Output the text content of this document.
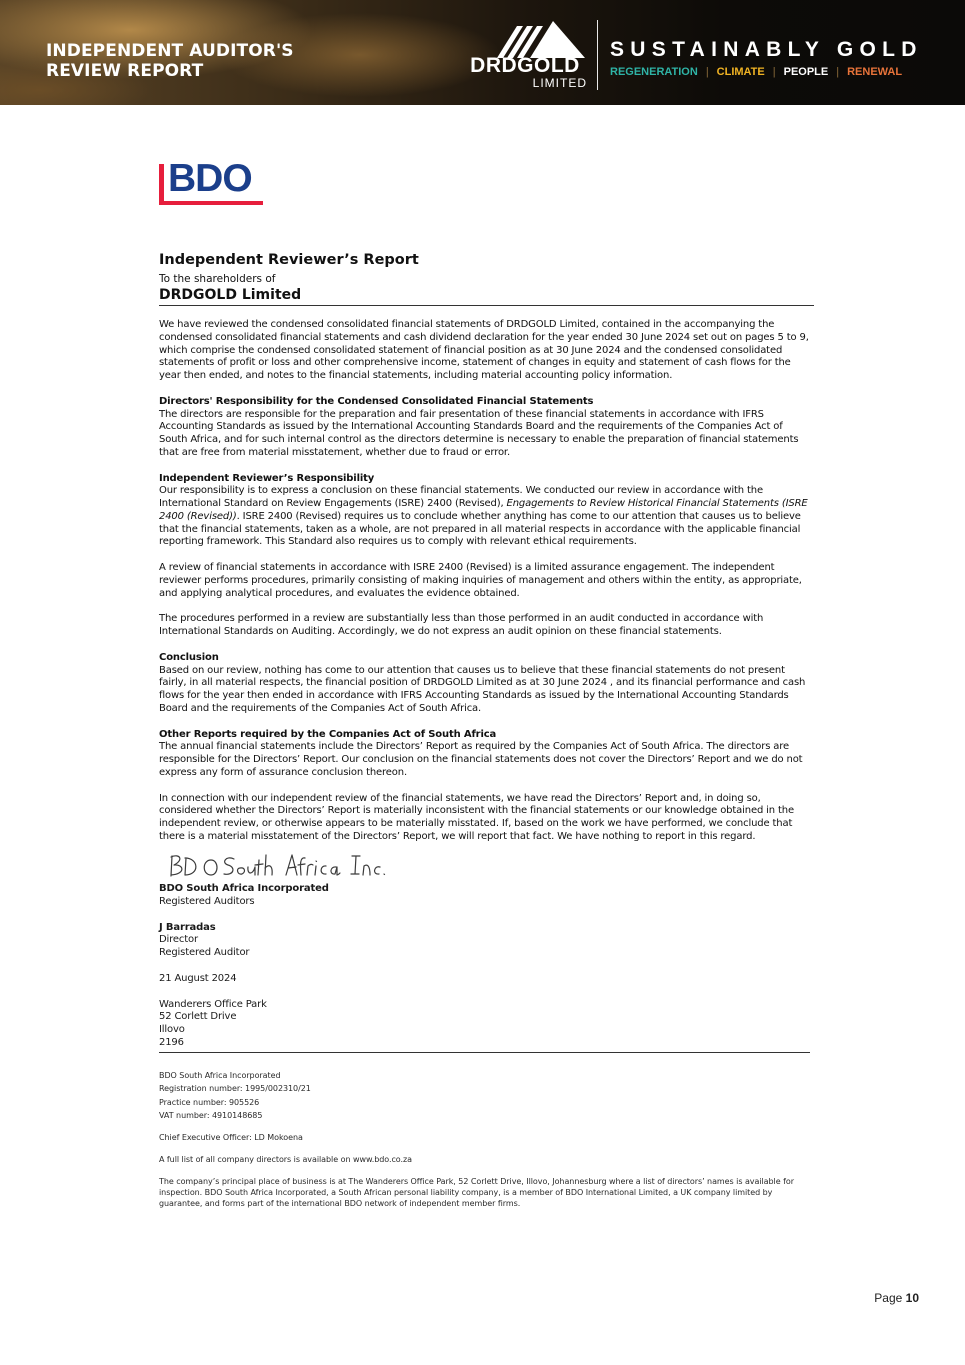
INDEPENDENT AUDITOR'S
REVIEW REPORT	DRDGOLD
LIMITED
SUSTAINABLY GOLD
REGENERATION | CLIMATE | PEOPLE | RENEWAL
BDO
Independent Reviewer’s Report
To the shareholders of
DRDGOLD Limited

We have reviewed the condensed consolidated financial statements of DRDGOLD Limited, contained in the accompanying the condensed consolidated financial statements and cash dividend declaration for the year ended 30 June 2024 set out on pages 5 to 9, which comprise the condensed consolidated statement of financial position as at 30 June 2024 and the condensed consolidated statements of profit or loss and other comprehensive income, statement of changes in equity and statement of cash flows for the year then ended, and notes to the financial statements, including material accounting policy information.

Directors' Responsibility for the Condensed Consolidated Financial Statements

The directors are responsible for the preparation and fair presentation of these financial statements in accordance with IFRS Accounting Standards as issued by the International Accounting Standards Board and the requirements of the Companies Act of South Africa, and for such internal control as the directors determine is necessary to enable the preparation of financial statements that are free from material misstatement, whether due to fraud or error.

Independent Reviewer’s Responsibility

Our responsibility is to express a conclusion on these financial statements. We conducted our review in accordance with the International Standard on Review Engagements (ISRE) 2400 (Revised), Engagements to Review Historical Financial Statements (ISRE 2400 (Revised)). ISRE 2400 (Revised) requires us to conclude whether anything has come to our attention that causes us to believe that the financial statements, taken as a whole, are not prepared in all material respects in accordance with the applicable financial reporting framework. This Standard also requires us to comply with relevant ethical requirements.

A review of financial statements in accordance with ISRE 2400 (Revised) is a limited assurance engagement. The independent reviewer performs procedures, primarily consisting of making inquiries of management and others within the entity, as appropriate, and applying analytical procedures, and evaluates the evidence obtained.

The procedures performed in a review are substantially less than those performed in an audit conducted in accordance with International Standards on Auditing. Accordingly, we do not express an audit opinion on these financial statements.

Conclusion

Based on our review, nothing has come to our attention that causes us to believe that these financial statements do not present fairly, in all material respects, the financial position of DRDGOLD Limited as at 30 June 2024 , and its financial performance and cash flows for the year then ended in accordance with IFRS Accounting Standards as issued by the International Accounting Standards Board and the requirements of the Companies Act of South Africa.

Other Reports required by the Companies Act of South Africa

The annual financial statements include the Directors’ Report as required by the Companies Act of South Africa. The directors are responsible for the Directors’ Report. Our conclusion on the financial statements does not cover the Directors’ Report and we do not express any form of assurance conclusion thereon.

In connection with our independent review of the financial statements, we have read the Directors’ Report and, in doing so, considered whether the Directors’ Report is materially inconsistent with the financial statements or our knowledge obtained in the independent review, or otherwise appears to be materially misstated. If, based on the work we have performed, we conclude that there is a material misstatement of the Directors’ Report, we will report that fact. We have nothing to report in this regard.

BDO South Africa Inc.
BDO South Africa Incorporated
Registered Auditors
J Barradas
Director
Registered Auditor
21 August 2024
Wanderers Office Park
52 Corlett Drive
Illovo
2196
BDO South Africa Incorporated
Registration number: 1995/002310/21
Practice number: 905526
VAT number: 4910148685
Chief Executive Officer: LD Mokoena
A full list of all company directors is available on www.bdo.co.za
The company’s principal place of business is at The Wanderers Office Park, 52 Corlett Drive, Illovo, Johannesburg where a list of directors’ names is available for inspection. BDO South Africa Incorporated, a South African personal liability company, is a member of BDO International Limited, a UK company limited by guarantee, and forms part of the international BDO network of independent member firms.
Page 10
